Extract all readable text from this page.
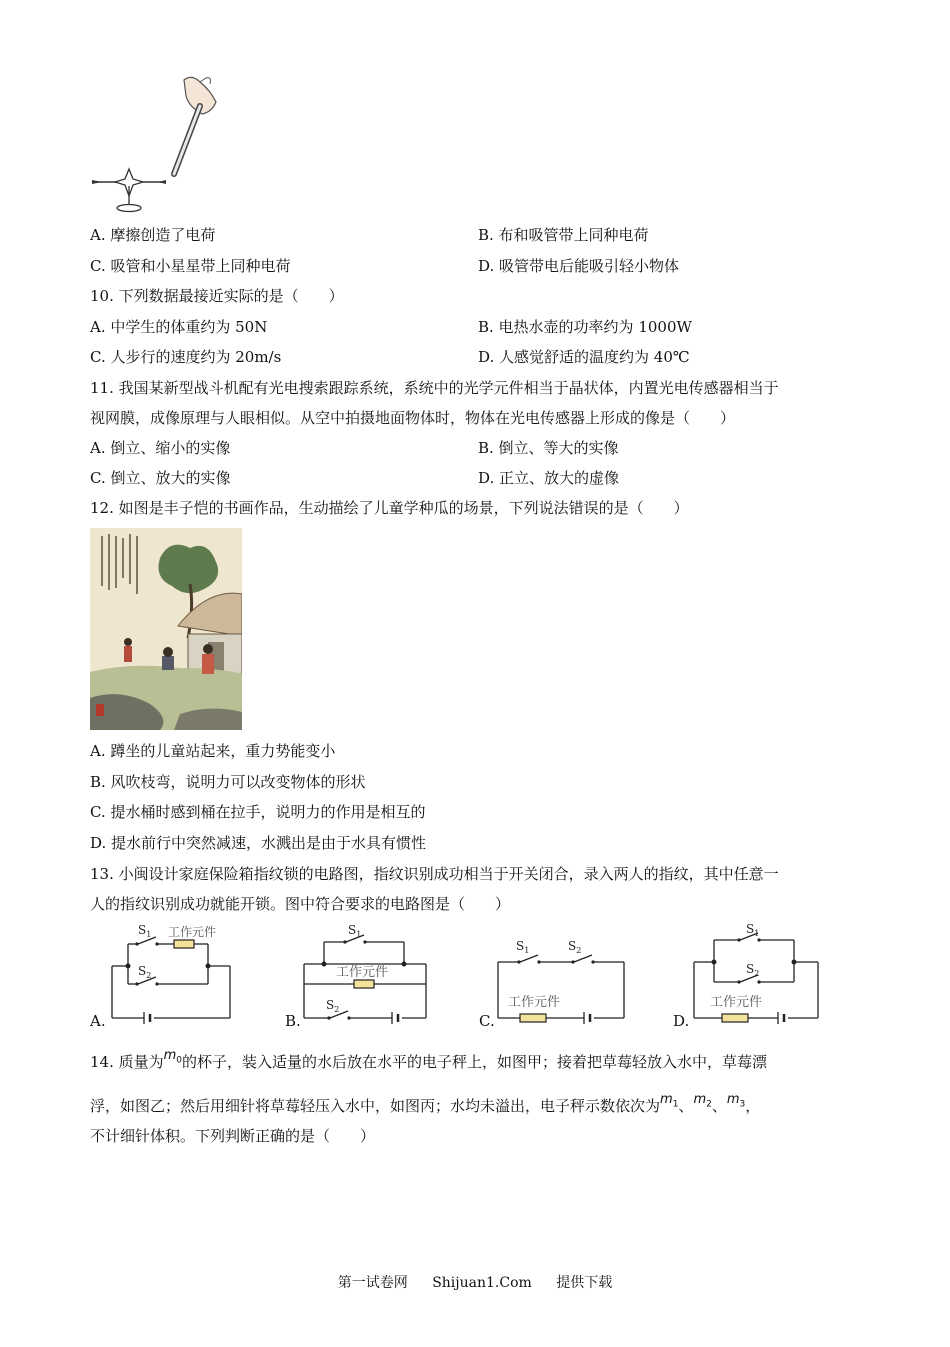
A. 摩擦创造了电荷	B. 布和吸管带上同种电荷
C. 吸管和小星星带上同种电荷	D. 吸管带电后能吸引轻小物体
10. 下列数据最接近实际的是（　　）
A. 中学生的体重约为 50N	B. 电热水壶的功率约为 1000W
C. 人步行的速度约为 20m/s	D. 人感觉舒适的温度约为 40℃
11. 我国某新型战斗机配有光电搜索跟踪系统，系统中的光学元件相当于晶状体，内置光电传感器相当于
视网膜，成像原理与人眼相似。从空中拍摄地面物体时，物体在光电传感器上形成的像是（　　）
A. 倒立、缩小的实像	B. 倒立、等大的实像
C. 倒立、放大的实像	D. 正立、放大的虚像
12. 如图是丰子恺的书画作品，生动描绘了儿童学种瓜的场景，下列说法错误的是（　　）
A. 蹲坐的儿童站起来，重力势能变小
B. 风吹枝弯，说明力可以改变物体的形状
C. 提水桶时感到桶在拉手，说明力的作用是相互的
D. 提水前行中突然减速，水溅出是由于水具有惯性
13. 小闽设计家庭保险箱指纹锁的电路图，指纹识别成功相当于开关闭合，录入两人的指纹，其中任意一
人的指纹识别成功就能开锁。图中符合要求的电路图是（　　）
A.
$S_1$
$S_2$
工作元件
B.
$S_1$
$S_2$
工作元件
C.
$S_1$	$S_2$
工作元件
D.
$S_1$
$S_2$
工作元件
14. 质量为$m_0$的杯子，装入适量的水后放在水平的电子秤上，如图甲；接着把草莓轻放入水中，草莓漂
浮，如图乙；然后用细针将草莓轻压入水中，如图丙；水均未溢出，电子秤示数依次为$m_1$、$m_2$、$m_3$，
不计细针体积。下列判断正确的是（　　）
第一试卷网 Shijuan1.Com 提供下载
